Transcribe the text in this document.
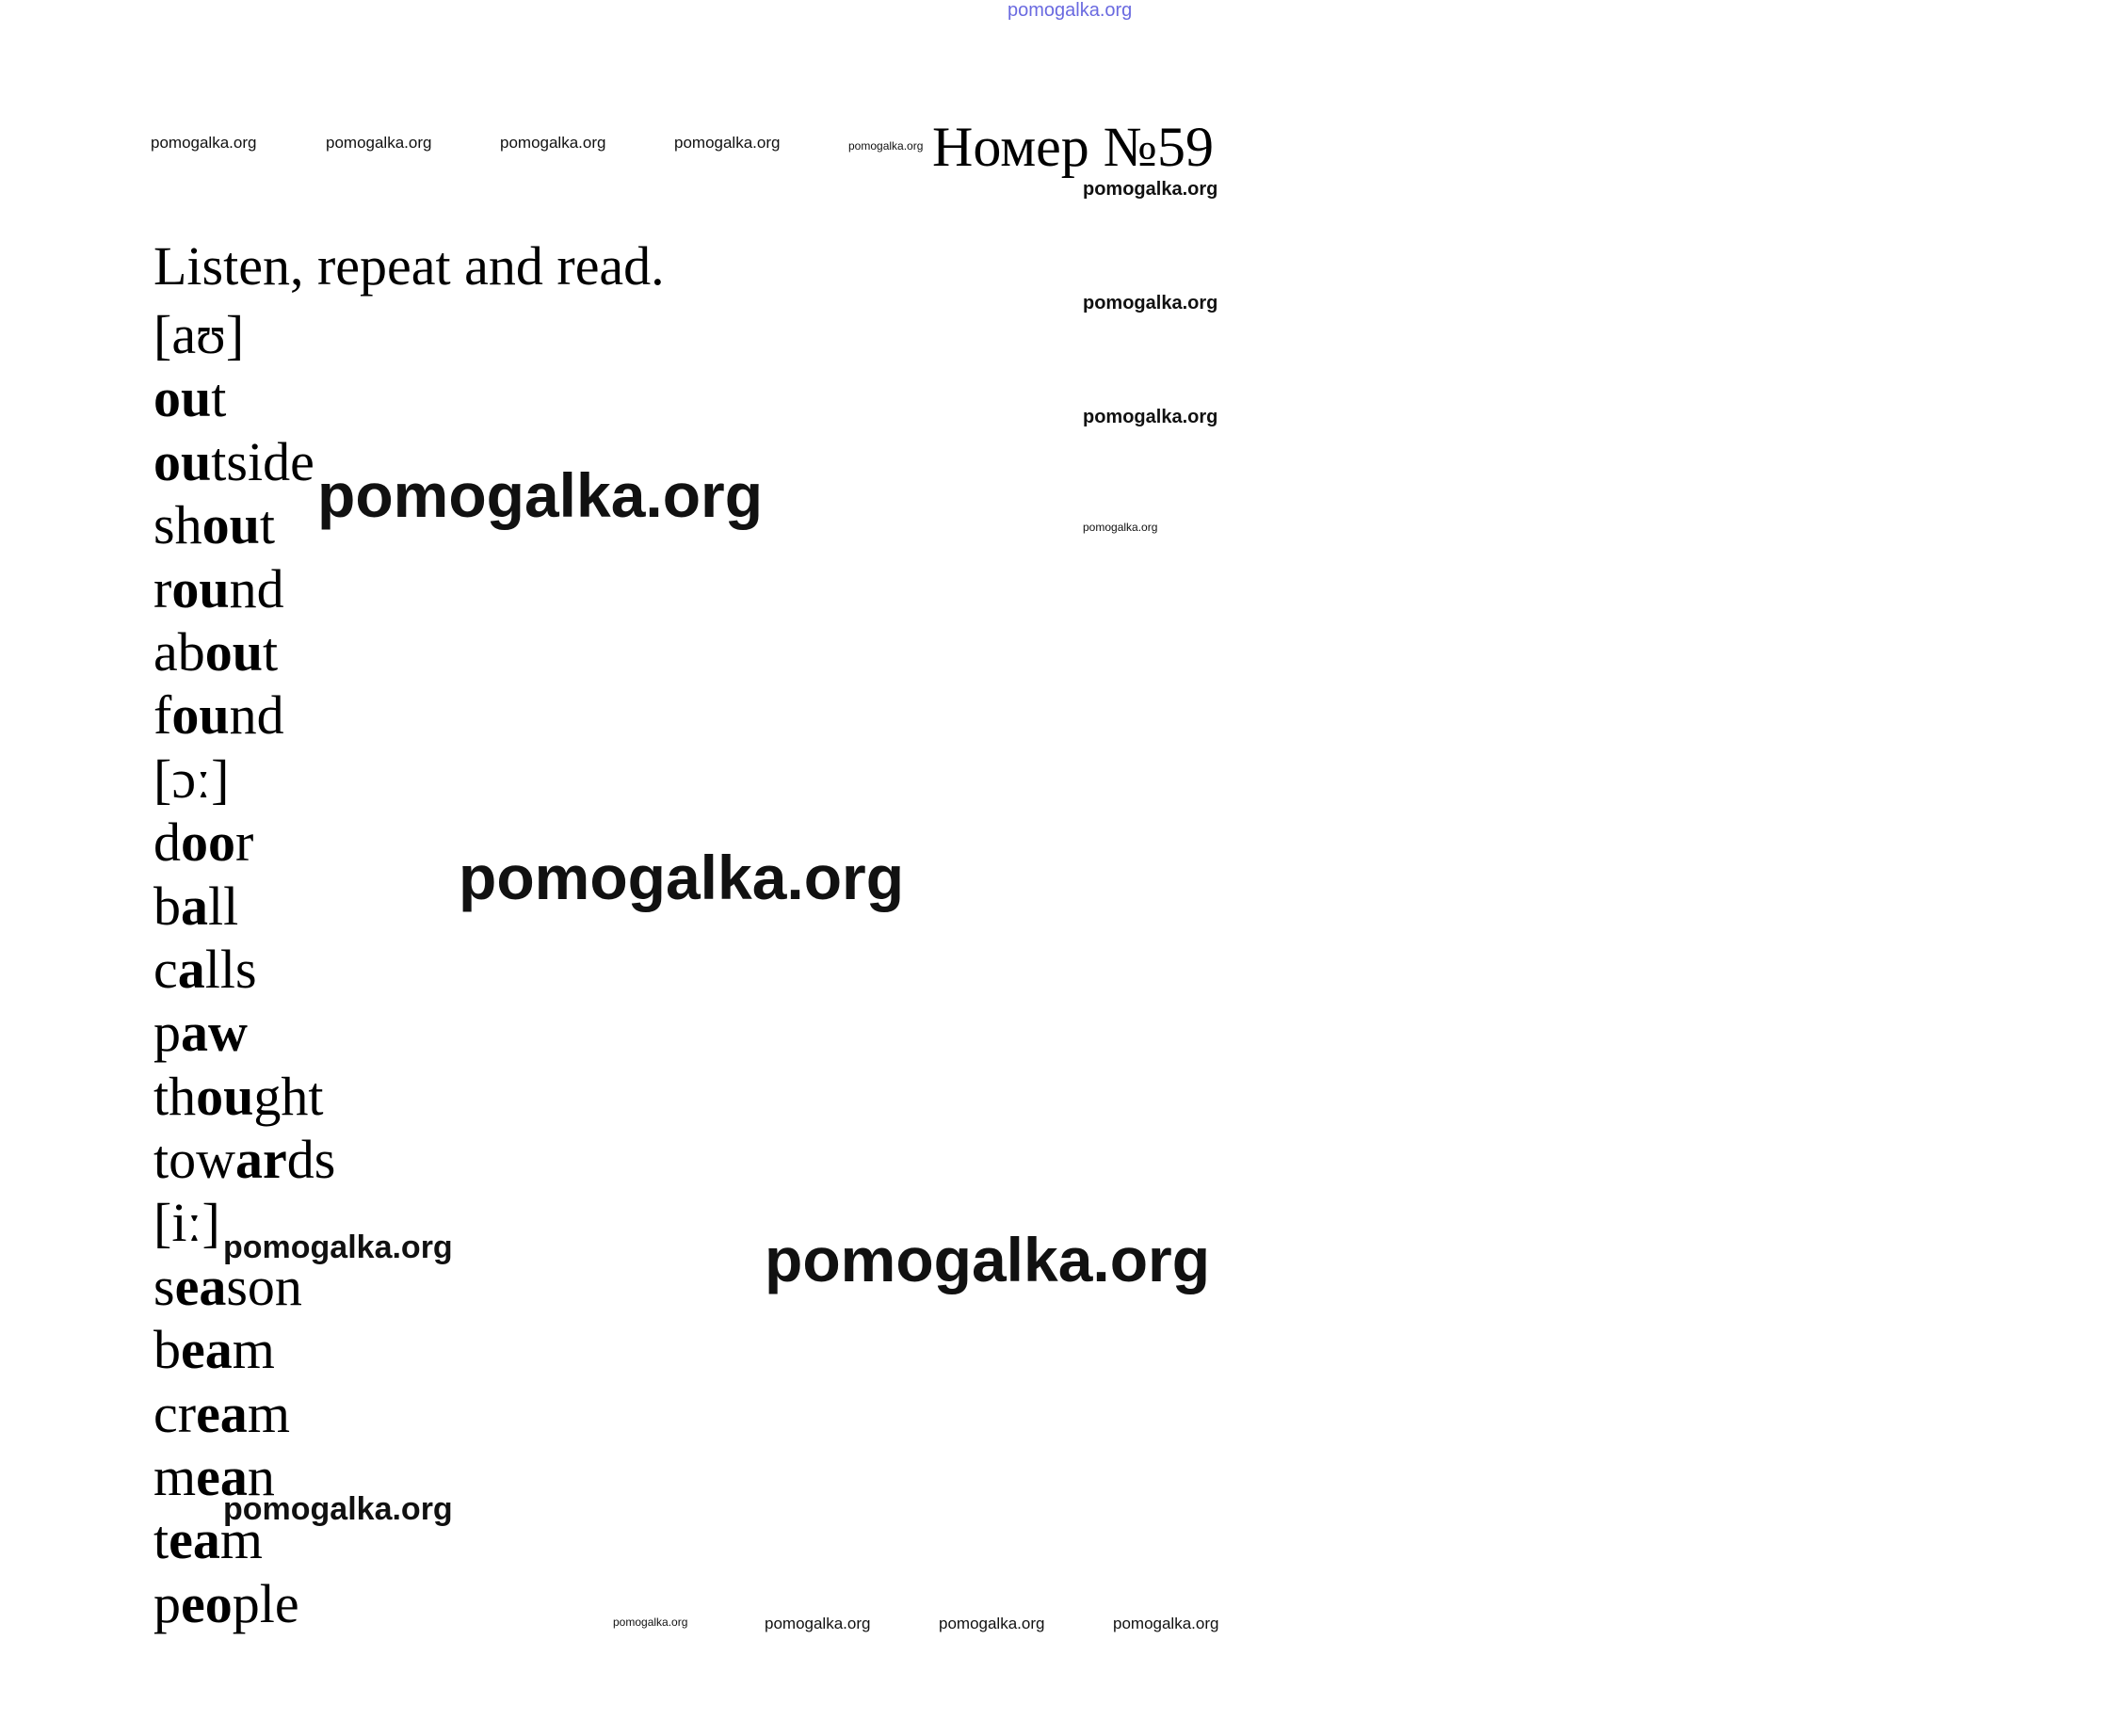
pomogalka.org
Номер №59
Listen, repeat and read.
[aʊ]
out
outside
shout
round
about
found
[ɔː]
door
ball
calls
paw
thought
towards
[iː]
season
beam
cream
mean
team
people
pomogalka.org	pomogalka.org	pomogalka.org	pomogalka.org	pomogalka.org
pomogalka.org
pomogalka.org
pomogalka.org
pomogalka.org
pomogalka.org
pomogalka.org
pomogalka.org
pomogalka.org
pomogalka.org
pomogalka.org	pomogalka.org	pomogalka.org	pomogalka.org
